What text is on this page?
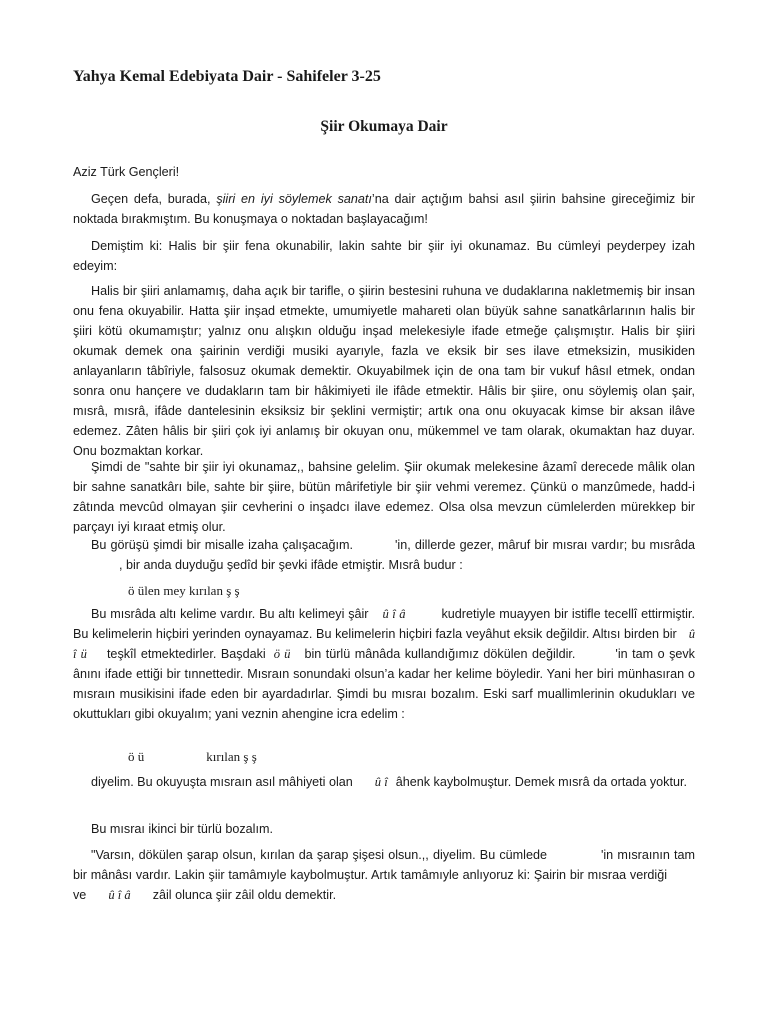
Yahya Kemal Edebiyata Dair - Sahifeler 3-25
Şiir Okumaya Dair

Aziz Türk Gençleri!

Geçen defa, burada, şiiri en iyi söylemek sanatı’na dair açtığım bahsi asıl şiirin bahsine gireceğimiz bir noktada bırakmıştım. Bu konuşmaya o noktadan başlayacağım!

Demiştim ki: Halis bir şiir fena okunabilir, lakin sahte bir şiir iyi okunamaz. Bu cümleyi peyderpey izah edeyim:

Halis bir şiiri anlamamış, daha açık bir tarifle, o şiirin bestesini ruhuna ve dudaklarına nakletmemiş bir insan onu fena okuyabilir. Hatta şiir inşad etmekte, umumiyetle mahareti olan büyük sahne sanatkârlarının halis bir şiiri kötü okumamıştır; yalnız onu alışkın olduğu inşad melekesiyle ifade etmeğe çalışmıştır. Halis bir şiiri okumak demek ona şairinin verdiği musiki ayarıyle, fazla ve eksik bir ses ilave etmeksizin, musikiden anlayanların tâbîriyle, falsosuz okumak demektir. Okuyabilmek için de ona tam bir vukuf hâsıl etmek, ondan sonra onu hançere ve dudakların tam bir hâkimiyeti ile ifâde etmektir. Hâlis bir şiire, onu söylemiş olan şair, mısrâ, mısrâ, ifâde dantelesinin eksiksiz bir şeklini vermiştir; artık ona onu okuyacak kimse bir aksan ilâve edemez. Zâten hâlis bir şiiri çok iyi anlamış bir okuyan onu, mükemmel ve tam olarak, okumaktan haz duyar. Onu bozmaktan korkar.

Şimdi de "sahte bir şiir iyi okunamaz,, bahsine gelelim. Şiir okumak melekesine âzamî derecede mâlik olan bir sahne sanatkârı bile, sahte bir şiire, bütün mârifetiyle bir şiir vehmi veremez. Çünkü o manzûmede, hadd-i zâtında mevcûd olmayan şiir cevherini o inşadcı ilave edemez. Olsa olsa mevzun cümlelerden mürekkep bir parçayı iyi kıraat etmiş olur.

Bu görüşü şimdi bir misalle izaha çalışacağım.	'in, dillerde gezer, mâruf bir mısraı vardır; bu mısrâda, bir anda duyduğu şedîd bir şevki ifâde etmiştir. Mısrâ budur :

ö ülen mey kırılan ş ş

Bu mısrâda altı kelime vardır. Bu altı kelimeyi şâir û î â	kudretiyle muayyen bir istifle tecellî ettirmiştir. Bu kelimelerin hiçbiri yerinden oynayamaz. Bu kelimelerin hiçbiri fazla veyâhut eksik değildir. Altısı birden bir û î ü teşkîl etmektedirler. Başdaki ö ü bin türlü mânâda kullandığımız dökülen değildir.	'in tam o şevk ânını ifade ettiği bir tınnettedir. Mısraın sonundaki olsun’a kadar her kelime böyledir. Yani her biri münhasıran o mısraın musikisini ifade eden bir ayardadırlar. Şimdi bu mısraı bozalım. Eski sarf muallimlerinin okudukları ve okuttukları gibi okuyalım; yani veznin ahengine icra edelim :

ö ü	kırılan ş ş

diyelim. Bu okuyuşta mısraın asıl mâhiyeti olan û î âhenk kaybolmuştur. Demek mısrâ da ortada yoktur.

Bu mısraı ikinci bir türlü bozalım.

"Varsın, dökülen şarap olsun, kırılan da şarap şişesi olsun.,, diyelim. Bu cümlede	'in mısraının tam bir mânâsı vardır. Lakin şiir tamâmıyle kaybolmuştur. Artık tamâmıyle anlıyoruz ki: Şairin bir mısraa verdiğive û î â zâil olunca şiir zâil oldu demektir.
